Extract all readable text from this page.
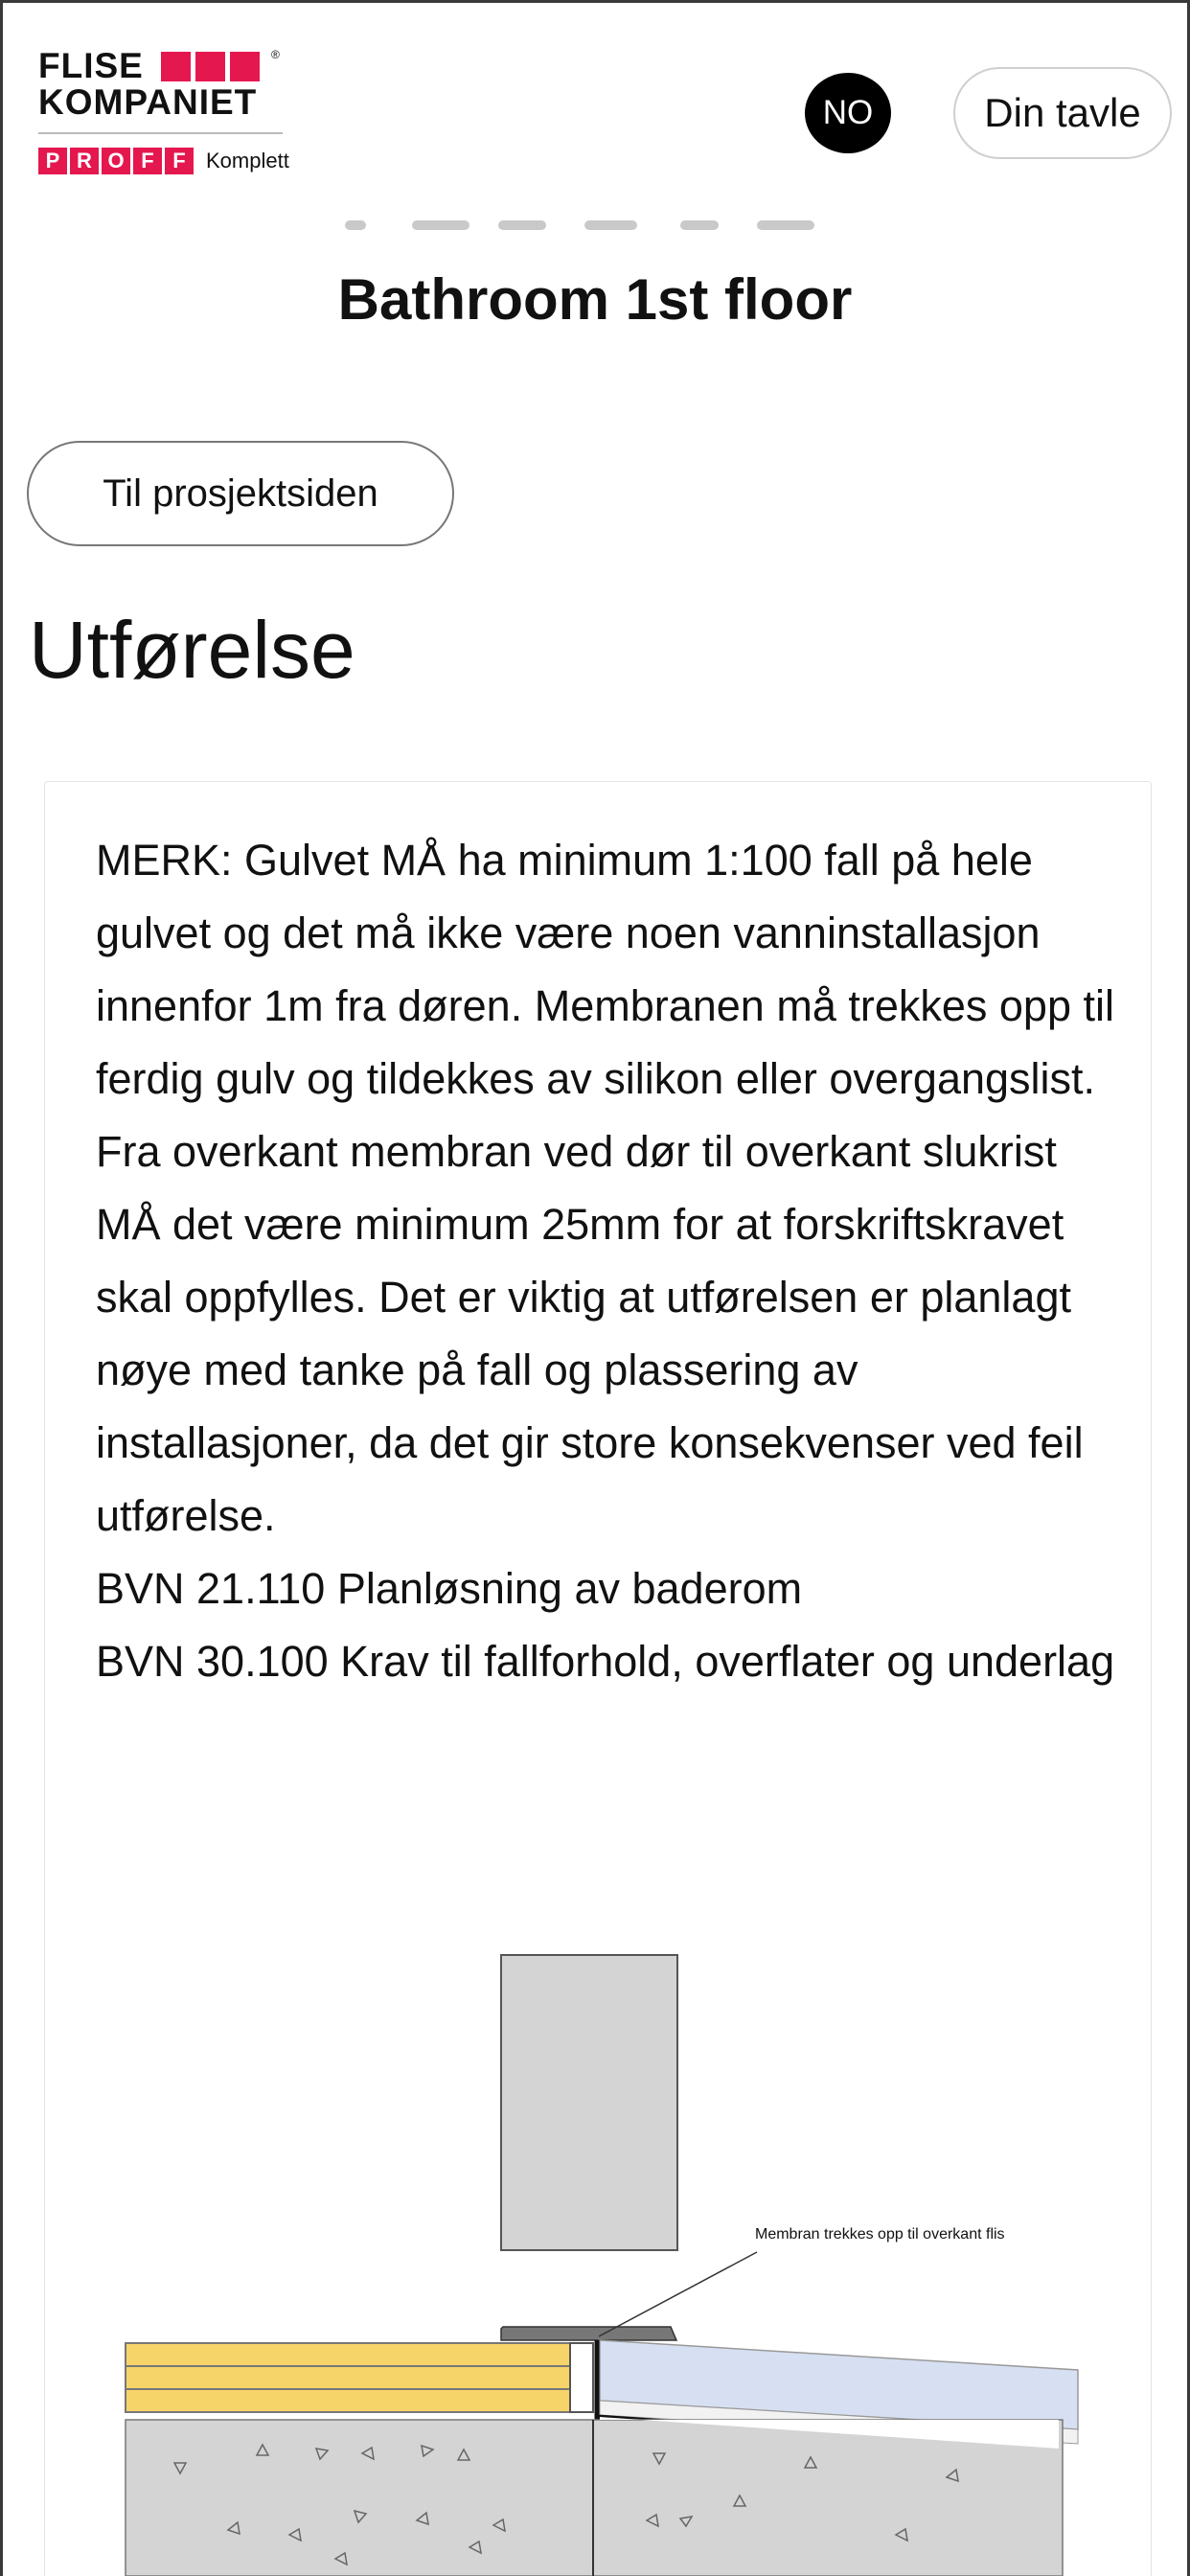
FLISE
KOMPANIET
®
P R O F F Komplett
NO	Din tavle
Bathroom 1st floor
Til prosjektsiden
Utførelse

MERK: Gulvet MÅ ha minimum 1:100 fall på hele gulvet og det må ikke være noen vanninstallasjon innenfor 1m fra døren. Membranen må trekkes opp til ferdig gulv og tildekkes av silikon eller overgangslist. Fra overkant membran ved dør til overkant slukrist MÅ det være minimum 25mm for at forskriftskravet skal oppfylles. Det er viktig at utførelsen er planlagt nøye med tanke på fall og plassering av installasjoner, da det gir store konsekvenser ved feil utførelse.

BVN 21.110 Planløsning av baderom

BVN 30.100 Krav til fallforhold, overflater og underlag

Membran trekkes opp til overkant flis
